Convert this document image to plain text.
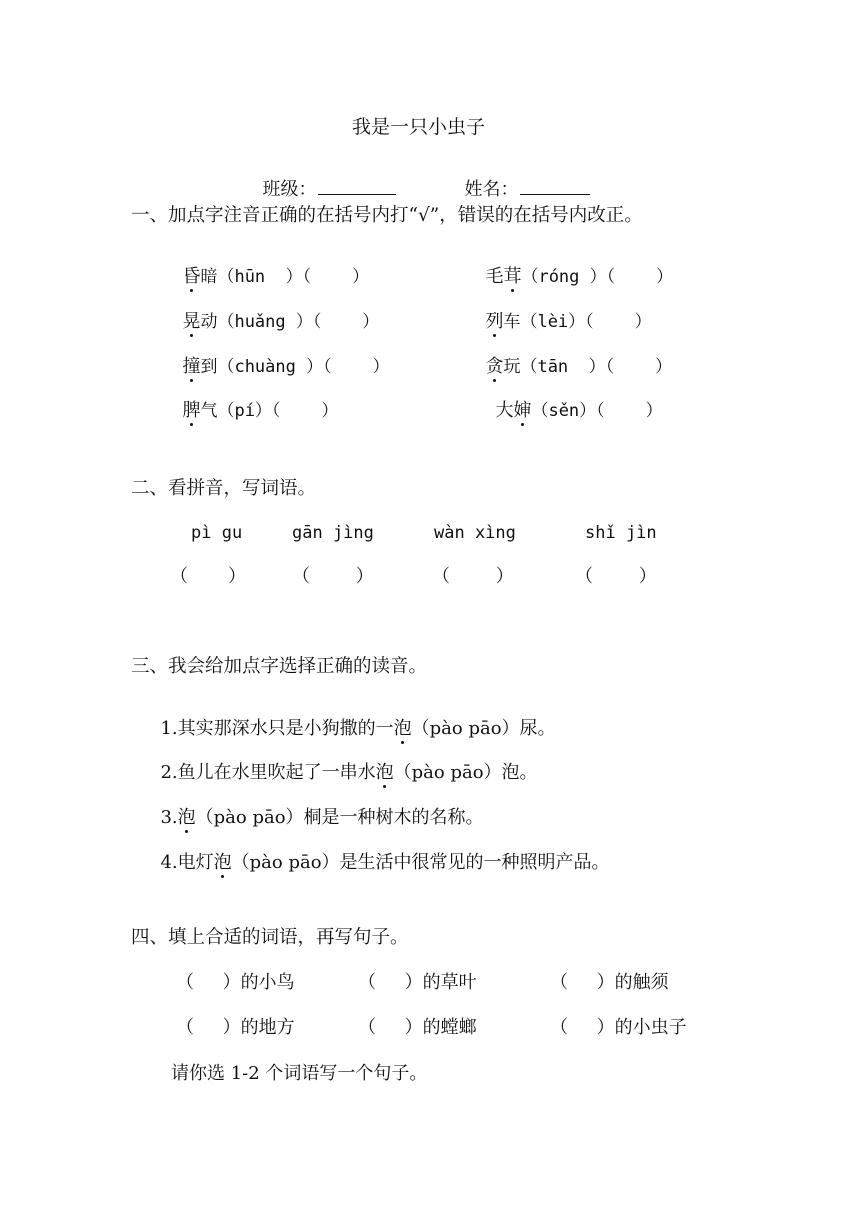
我是一只小虫子

班级：	姓名：

一、加点字注音正确的在括号内打“√”，错误的在括号内改正。

昏暗（hūn  ）（    ）	毛茸（róng ）（    ）

晃动（huǎng ）（    ）	列车（lèi）（    ）

撞到（chuàng ）（    ）	贪玩（tān  ）（    ）

脾气（pí）（    ）	大婶（sěn）（    ）

二、看拼音，写词语。
pì gu	gān jìng	wàn xìng	shǐ jìn
（       ）	（        ）	（        ）	（        ）
三、我会给加点字选择正确的读音。

1.其实那深水只是小狗撒的一泡（pào pāo）尿。

2.鱼儿在水里吹起了一串水泡（pào pāo）泡。

3.泡（pào pāo）桐是一种树木的名称。

4.电灯泡（pào pāo）是生活中很常见的一种照明产品。

四、填上合适的词语，再写句子。
（     ）的小鸟	（     ）的草叶	（     ）的触须
（     ）的地方	（     ）的螳螂	（     ）的小虫子
请你选 1-2 个词语写一个句子。
